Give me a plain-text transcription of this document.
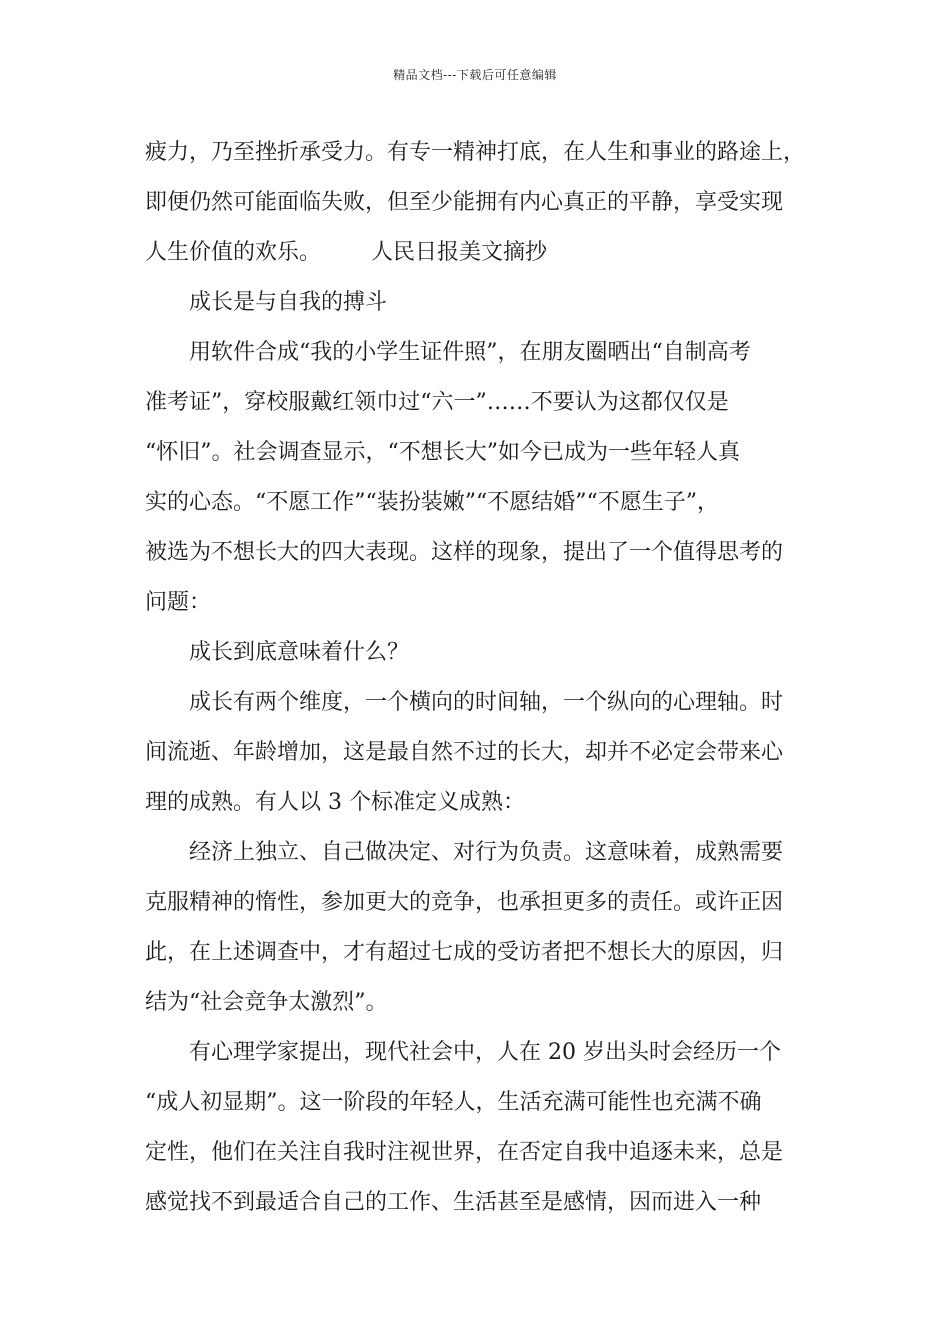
精品文档---下载后可任意编辑
疲力，乃至挫折承受力。有专一精神打底，在人生和事业的路途上，
即便仍然可能面临失败，但至少能拥有内心真正的平静，享受实现
人生价值的欢乐。 人民日报美文摘抄
成长是与自我的搏斗
用软件合成“我的小学生证件照”，在朋友圈晒出“自制高考
准考证”，穿校服戴红领巾过“六一”……不要认为这都仅仅是
“怀旧”。社会调查显示，“不想长大”如今已成为一些年轻人真
实的心态。“不愿工作”“装扮装嫩”“不愿结婚”“不愿生子”，
被选为不想长大的四大表现。这样的现象，提出了一个值得思考的
问题：
成长到底意味着什么？
成长有两个维度，一个横向的时间轴，一个纵向的心理轴。时
间流逝、年龄增加，这是最自然不过的长大，却并不必定会带来心
理的成熟。有人以 3 个标准定义成熟：
经济上独立、自己做决定、对行为负责。这意味着，成熟需要
克服精神的惰性，参加更大的竞争，也承担更多的责任。或许正因
此，在上述调查中，才有超过七成的受访者把不想长大的原因，归
结为“社会竞争太激烈”。
有心理学家提出，现代社会中，人在 20 岁出头时会经历一个
“成人初显期”。这一阶段的年轻人，生活充满可能性也充满不确
定性，他们在关注自我时注视世界，在否定自我中追逐未来，总是
感觉找不到最适合自己的工作、生活甚至是感情，因而进入一种
